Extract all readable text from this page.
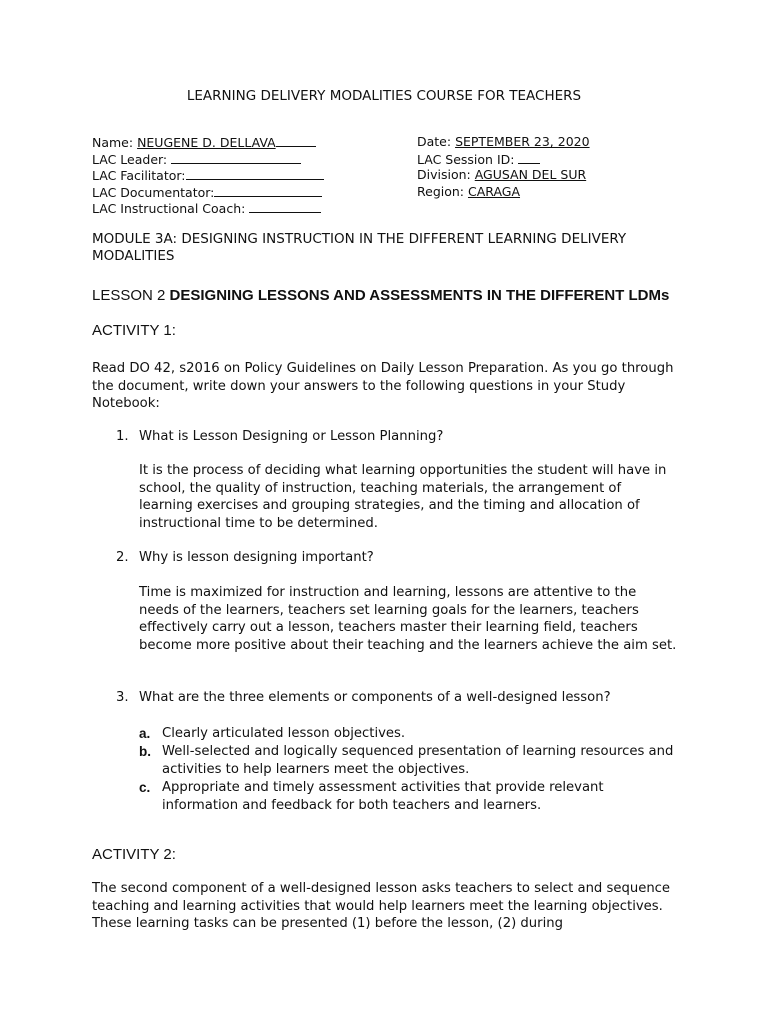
LEARNING DELIVERY MODALITIES COURSE FOR TEACHERS
Name: NEUGENE D. DELLAVA
LAC Leader:
LAC Facilitator:
LAC Documentator:
LAC Instructional Coach:
Date: SEPTEMBER 23, 2020
LAC Session ID:
Division: AGUSAN DEL SUR
Region: CARAGA
MODULE 3A: DESIGNING INSTRUCTION IN THE DIFFERENT LEARNING DELIVERY MODALITIES
LESSON 2 DESIGNING LESSONS AND ASSESSMENTS IN THE DIFFERENT LDMs
ACTIVITY 1:
Read DO 42, s2016 on Policy Guidelines on Daily Lesson Preparation. As you go through the document, write down your answers to the following questions in your Study Notebook:
1. What is Lesson Designing or Lesson Planning?
It is the process of deciding what learning opportunities the student will have in school, the quality of instruction, teaching materials, the arrangement of learning exercises and grouping strategies, and the timing and allocation of instructional time to be determined.
2. Why is lesson designing important?
Time is maximized for instruction and learning, lessons are attentive to the needs of the learners, teachers set learning goals for the learners, teachers effectively carry out a lesson, teachers master their learning field, teachers become more positive about their teaching and the learners achieve the aim set.
3. What are the three elements or components of a well-designed lesson?
a. Clearly articulated lesson objectives.
b. Well-selected and logically sequenced presentation of learning resources and activities to help learners meet the objectives.
c. Appropriate and timely assessment activities that provide relevant information and feedback for both teachers and learners.
ACTIVITY 2:
The second component of a well-designed lesson asks teachers to select and sequence teaching and learning activities that would help learners meet the learning objectives. These learning tasks can be presented (1) before the lesson, (2) during
